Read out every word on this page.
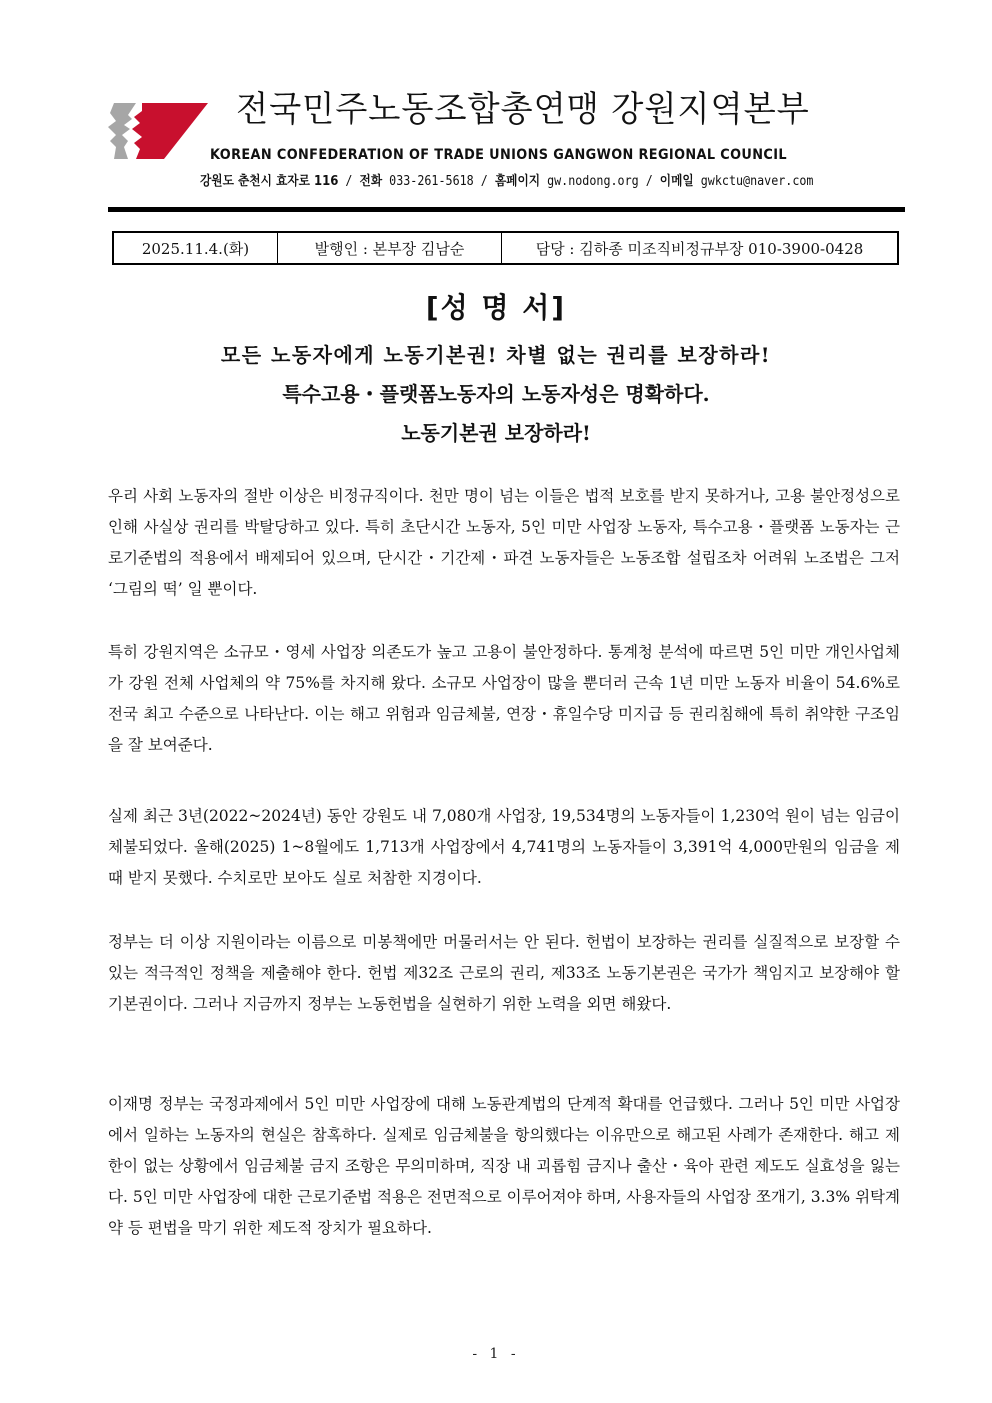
전국민주노동조합총연맹 강원지역본부
KOREAN CONFEDERATION OF TRADE UNIONS GANGWON REGIONAL COUNCIL
강원도 춘천시 효자로 116 / 전화 033-261-5618 / 홈페이지 gw.nodong.org / 이메일 gwkctu@naver.com
2025.11.4.(화)	발행인 : 본부장 김남순	담당 : 김하종 미조직비정규부장 010-3900-0428
[성 명 서]
모든 노동자에게 노동기본권! 차별 없는 권리를 보장하라!
특수고용・플랫폼노동자의 노동자성은 명확하다.
노동기본권 보장하라!

우리 사회 노동자의 절반 이상은 비정규직이다. 천만 명이 넘는 이들은 법적 보호를 받지 못하거나, 고용 불안정성으로 인해 사실상 권리를 박탈당하고 있다. 특히 초단시간 노동자, 5인 미만 사업장 노동자, 특수고용・플랫폼 노동자는 근로기준법의 적용에서 배제되어 있으며, 단시간・기간제・파견 노동자들은 노동조합 설립조차 어려워 노조법은 그저 ‘그림의 떡’ 일 뿐이다.

특히 강원지역은 소규모・영세 사업장 의존도가 높고 고용이 불안정하다. 통계청 분석에 따르면 5인 미만 개인사업체가 강원 전체 사업체의 약 75%를 차지해 왔다. 소규모 사업장이 많을 뿐더러 근속 1년 미만 노동자 비율이 54.6%로 전국 최고 수준으로 나타난다. 이는 해고 위험과 임금체불, 연장・휴일수당 미지급 등 권리침해에 특히 취약한 구조임을 잘 보여준다.

실제 최근 3년(2022~2024년) 동안 강원도 내 7,080개 사업장, 19,534명의 노동자들이 1,230억 원이 넘는 임금이 체불되었다. 올해(2025) 1~8월에도 1,713개 사업장에서 4,741명의 노동자들이 3,391억 4,000만원의 임금을 제 때 받지 못했다. 수치로만 보아도 실로 처참한 지경이다.

정부는 더 이상 지원이라는 이름으로 미봉책에만 머물러서는 안 된다. 헌법이 보장하는 권리를 실질적으로 보장할 수 있는 적극적인 정책을 제출해야 한다. 헌법 제32조 근로의 권리, 제33조 노동기본권은 국가가 책임지고 보장해야 할 기본권이다. 그러나 지금까지 정부는 노동헌법을 실현하기 위한 노력을 외면 해왔다.

이재명 정부는 국정과제에서 5인 미만 사업장에 대해 노동관계법의 단계적 확대를 언급했다. 그러나 5인 미만 사업장에서 일하는 노동자의 현실은 참혹하다. 실제로 임금체불을 항의했다는 이유만으로 해고된 사례가 존재한다. 해고 제한이 없는 상황에서 임금체불 금지 조항은 무의미하며, 직장 내 괴롭힘 금지나 출산・육아 관련 제도도 실효성을 잃는다. 5인 미만 사업장에 대한 근로기준법 적용은 전면적으로 이루어져야 하며, 사용자들의 사업장 쪼개기, 3.3% 위탁계약 등 편법을 막기 위한 제도적 장치가 필요하다.

- 1 -
